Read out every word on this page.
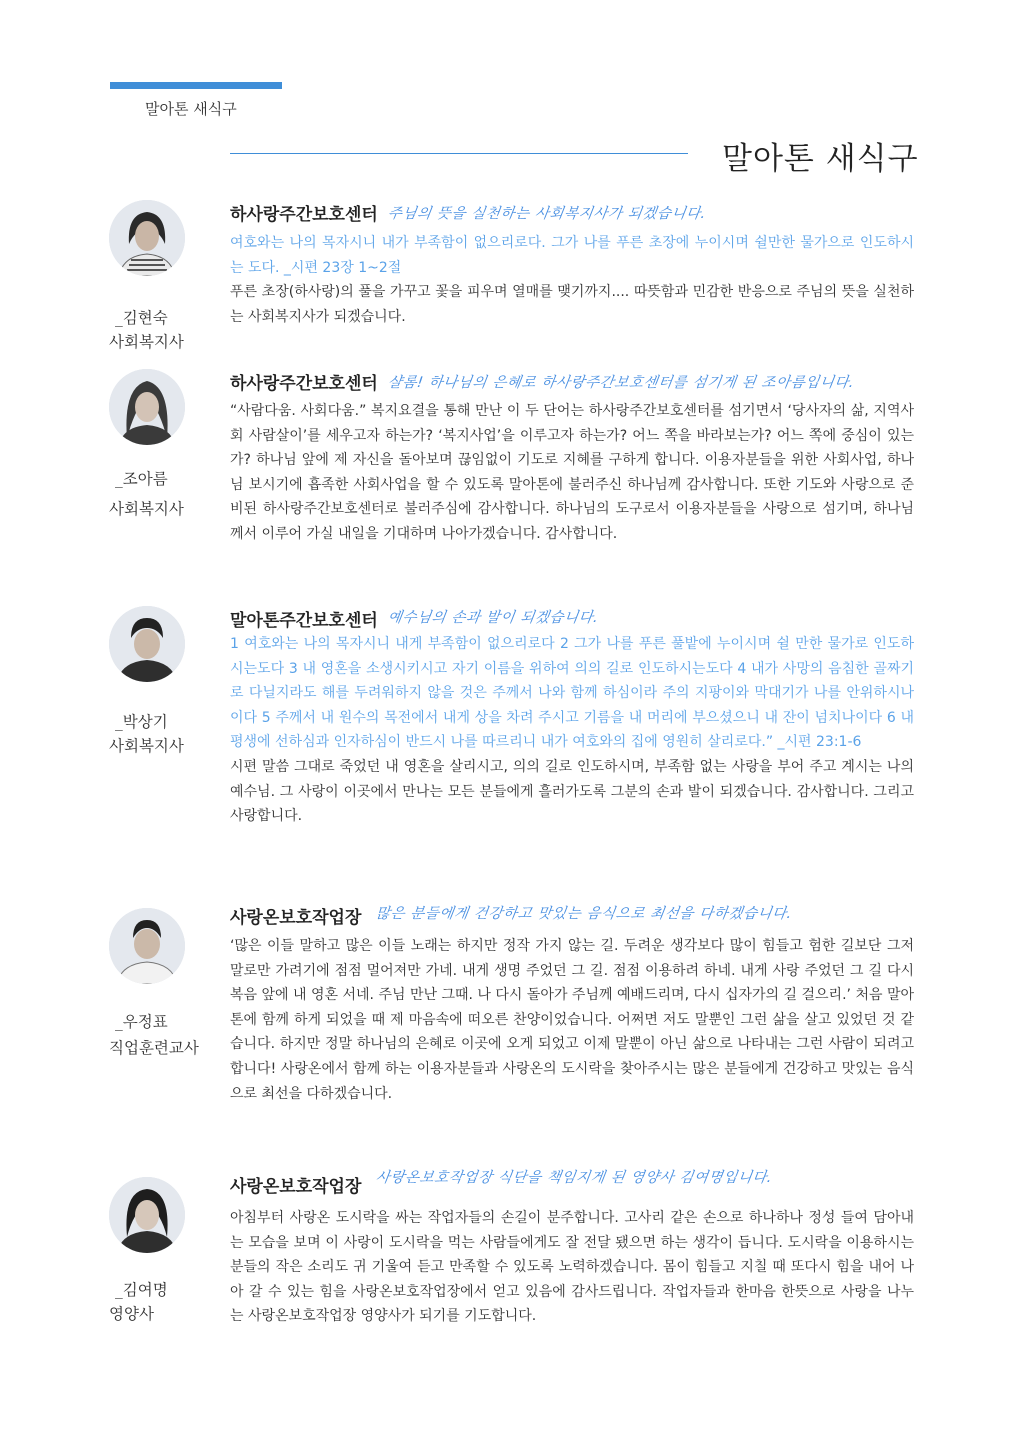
말아톤 새식구
말아톤 새식구
_김현숙
사회복지사
하사랑주간보호센터 주님의 뜻을 실천하는 사회복지사가 되겠습니다.

여호와는 나의 목자시니 내가 부족함이 없으리로다. 그가 나를 푸른 초장에 누이시며 쉴만한 물가으로 인도하시는 도다. _시편 23장 1~2절

푸른 초장(하사랑)의 풀을 가꾸고 꽃을 피우며 열매를 맺기까지.... 따뜻함과 민감한 반응으로 주님의 뜻을 실천하는 사회복지사가 되겠습니다.

_조아름
사회복지사
하사랑주간보호센터 샬롬! 하나님의 은혜로 하사랑주간보호센터를 섬기게 된 조아름입니다.

“사람다움. 사회다움.” 복지요결을 통해 만난 이 두 단어는 하사랑주간보호센터를 섬기면서 ‘당사자의 삶, 지역사회 사람살이’를 세우고자 하는가? ‘복지사업’을 이루고자 하는가? 어느 쪽을 바라보는가? 어느 쪽에 중심이 있는가? 하나님 앞에 제 자신을 돌아보며 끊임없이 기도로 지혜를 구하게 합니다. 이용자분들을 위한 사회사업, 하나님 보시기에 흡족한 사회사업을 할 수 있도록 말아톤에 불러주신 하나님께 감사합니다. 또한 기도와 사랑으로 준비된 하사랑주간보호센터로 불러주심에 감사합니다. 하나님의 도구로서 이용자분들을 사랑으로 섬기며, 하나님께서 이루어 가실 내일을 기대하며 나아가겠습니다. 감사합니다.

_박상기
사회복지사
말아톤주간보호센터 예수님의 손과 발이 되겠습니다.

1 여호와는 나의 목자시니 내게 부족함이 없으리로다 2 그가 나를 푸른 풀밭에 누이시며 쉴 만한 물가로 인도하시는도다 3 내 영혼을 소생시키시고 자기 이름을 위하여 의의 길로 인도하시는도다 4 내가 사망의 음침한 골짜기로 다닐지라도 해를 두려워하지 않을 것은 주께서 나와 함께 하심이라 주의 지팡이와 막대기가 나를 안위하시나이다 5 주께서 내 원수의 목전에서 내게 상을 차려 주시고 기름을 내 머리에 부으셨으니 내 잔이 넘치나이다 6 내 평생에 선하심과 인자하심이 반드시 나를 따르리니 내가 여호와의 집에 영원히 살리로다.” _시편 23:1-6

시편 말씀 그대로 죽었던 내 영혼을 살리시고, 의의 길로 인도하시며, 부족함 없는 사랑을 부어 주고 계시는 나의 예수님. 그 사랑이 이곳에서 만나는 모든 분들에게 흘러가도록 그분의 손과 발이 되겠습니다. 감사합니다. 그리고 사랑합니다.

_우정표
직업훈련교사
사랑온보호작업장 많은 분들에게 건강하고 맛있는 음식으로 최선을 다하겠습니다.

‘많은 이들 말하고 많은 이들 노래는 하지만 정작 가지 않는 길. 두려운 생각보다 많이 힘들고 험한 길보단 그저 말로만 가려기에 점점 멀어져만 가네. 내게 생명 주었던 그 길. 점점 이용하려 하네. 내게 사랑 주었던 그 길 다시 복음 앞에 내 영혼 서네. 주님 만난 그때. 나 다시 돌아가 주님께 예배드리며, 다시 십자가의 길 걸으리.’ 처음 말아톤에 함께 하게 되었을 때 제 마음속에 떠오른 찬양이었습니다. 어쩌면 저도 말뿐인 그런 삶을 살고 있었던 것 같습니다. 하지만 정말 하나님의 은혜로 이곳에 오게 되었고 이제 말뿐이 아닌 삶으로 나타내는 그런 사람이 되려고 합니다! 사랑온에서 함께 하는 이용자분들과 사랑온의 도시락을 찾아주시는 많은 분들에게 건강하고 맛있는 음식으로 최선을 다하겠습니다.

_김여명
영양사
사랑온보호작업장 사랑온보호작업장 식단을 책임지게 된 영양사 김여명입니다.

아침부터 사랑온 도시락을 싸는 작업자들의 손길이 분주합니다. 고사리 같은 손으로 하나하나 정성 들여 담아내는 모습을 보며 이 사랑이 도시락을 먹는 사람들에게도 잘 전달 됐으면 하는 생각이 듭니다. 도시락을 이용하시는 분들의 작은 소리도 귀 기울여 듣고 만족할 수 있도록 노력하겠습니다. 몸이 힘들고 지칠 때 또다시 힘을 내어 나아 갈 수 있는 힘을 사랑온보호작업장에서 얻고 있음에 감사드립니다. 작업자들과 한마음 한뜻으로 사랑을 나누는 사랑온보호작업장 영양사가 되기를 기도합니다.
